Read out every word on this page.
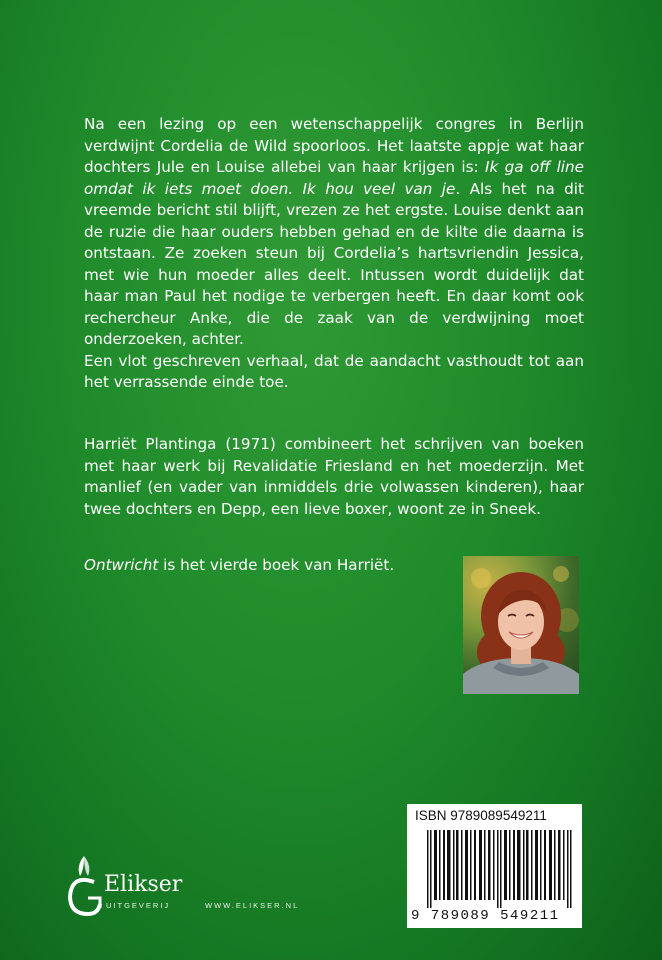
Na een lezing op een wetenschappelijk congres in Berlijn verdwijnt Cordelia de Wild spoorloos. Het laatste appje wat haar dochters Jule en Louise allebei van haar krijgen is: Ik ga off line omdat ik iets moet doen. Ik hou veel van je. Als het na dit vreemde bericht stil blijft, vrezen ze het ergste. Louise denkt aan de ruzie die haar ouders hebben gehad en de kilte die daarna is ontstaan. Ze zoeken steun bij Cordelia’s hartsvriendin Jessica, met wie hun moeder alles deelt. Intussen wordt duidelijk dat haar man Paul het nodige te verbergen heeft. En daar komt ook rechercheur Anke, die de zaak van de verdwijning moet onderzoeken, achter.
Een vlot geschreven verhaal, dat de aandacht vasthoudt tot aan het verrassende einde toe.

Harriët Plantinga (1971) combineert het schrijven van boeken met haar werk bij Revalidatie Friesland en het moederzijn. Met manlief (en vader van inmiddels drie volwassen kinderen), haar twee dochters en Depp, een lieve boxer, woont ze in Sneek.

Ontwricht is het vierde boek van Harriët.

ISBN 9789089549211
9 789089 549211
Elikser
UITGEVERIJ	WWW.ELIKSER.NL
